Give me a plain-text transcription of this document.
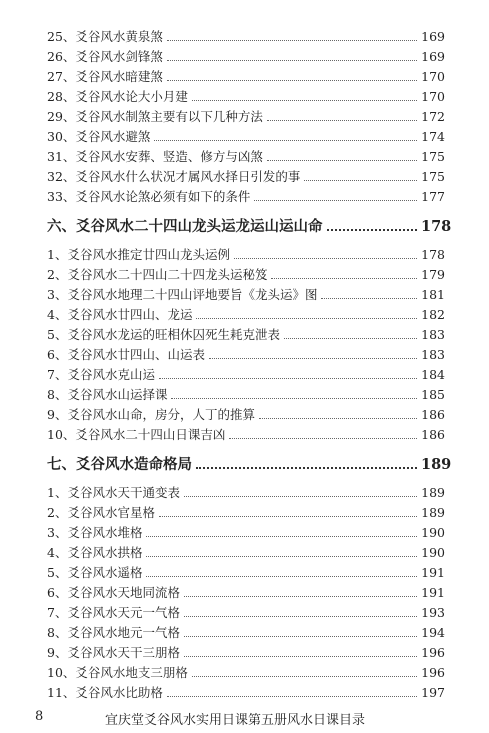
25、爻谷风水黄泉煞	169
26、爻谷风水剑锋煞	169
27、爻谷风水暗建煞	170
28、爻谷风水论大小月建	170
29、爻谷风水制煞主要有以下几种方法	172
30、爻谷风水避煞	174
31、爻谷风水安葬、竖造、修方与凶煞	175
32、爻谷风水什么状况才属风水择日引发的事	175
33、爻谷风水论煞必须有如下的条件	177
六、爻谷风水二十四山龙头运龙运山运山命	178
1、爻谷风水推定廿四山龙头运例	178
2、爻谷风水二十四山二十四龙头运秘笈	179
3、爻谷风水地理二十四山评地要旨《龙头运》图	181
4、爻谷风水廿四山、龙运	182
5、爻谷风水龙运的旺相休囚死生耗克泄表	183
6、爻谷风水廿四山、山运表	183
7、爻谷风水克山运	184
8、爻谷风水山运择课	185
9、爻谷风水山命，房分，人丁的推算	186
10、爻谷风水二十四山日课吉凶	186
七、爻谷风水造命格局	189
1、爻谷风水天干通变表	189
2、爻谷风水官星格	189
3、爻谷风水堆格	190
4、爻谷风水拱格	190
5、爻谷风水遥格	191
6、爻谷风水天地同流格	191
7、爻谷风水天元一气格	193
8、爻谷风水地元一气格	194
9、爻谷风水天干三朋格	196
10、爻谷风水地支三朋格	196
11、爻谷风水比助格	197
8	宜庆堂爻谷风水实用日课第五册风水日课目录
